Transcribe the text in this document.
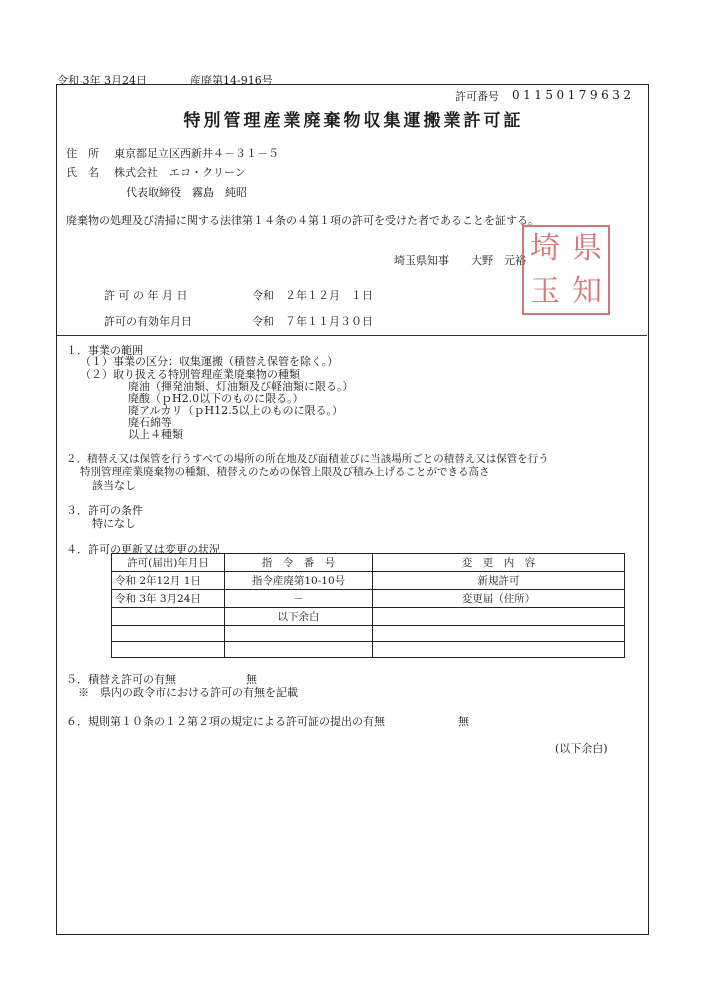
令和 3年 3月24日	産廃第14-916号
許可番号 01150179632
特別管理産業廃棄物収集運搬業許可証
住　所 東京都足立区西新井４－３１－５
氏　名 株式会社　エコ・クリーン
代表取締役　霧島　純昭
廃棄物の処理及び清掃に関する法律第１４条の４第１項の許可を受けた者であることを証する。
埼玉県知事　　大野　元裕 埼 県
玉 知
許 可 の 年 月 日	令和　２年１２月　１日
許可の有効年月日	令和　７年１１月３０日
１．事業の範囲
（１）事業の区分：収集運搬（積替え保管を除く。）
（２）取り扱える特別管理産業廃棄物の種類
廃油（揮発油類、灯油類及び軽油類に限る。）
廃酸（ｐH2.0以下のものに限る。）
廃アルカリ（ｐH12.5以上のものに限る。）
廃石綿等
以上４種類
２．積替え又は保管を行うすべての場所の所在地及び面積並びに当該場所ごとの積替え又は保管を行う
特別管理産業廃棄物の種類、積替えのための保管上限及び積み上げることができる高さ
該当なし
３．許可の条件
特になし
４．許可の更新又は変更の状況
許可(届出)年月日	指　令　番　号	変　更　内　容
令和 2年12月 1日	指令産廃第10-10号	新規許可
令和 3年 3月24日	－	変更届（住所）
	以下余白	

５．積替え許可の有無	無
※　県内の政令市における許可の有無を記載
６．規則第１０条の１２第２項の規定による許可証の提出の有無	無
(以下余白)
